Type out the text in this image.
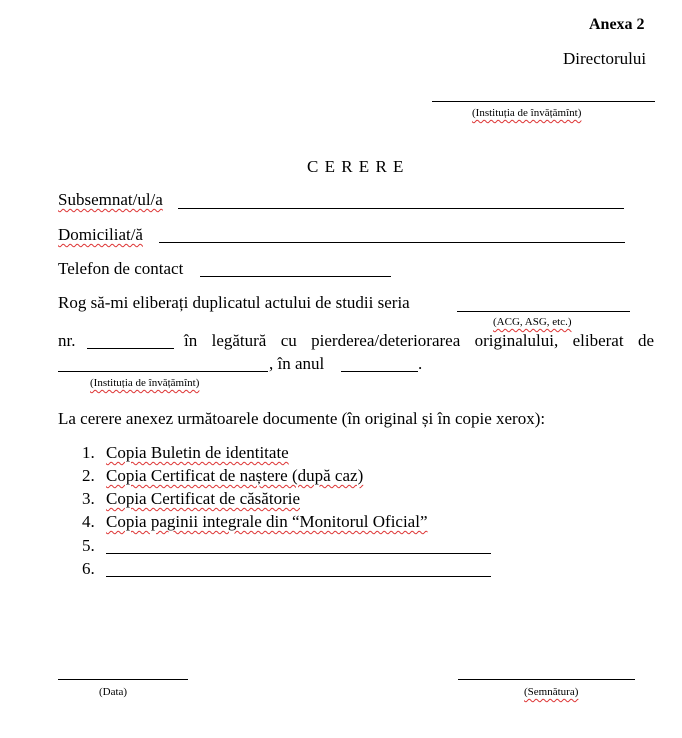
Anexa 2
Directorului
(Instituția de învățămînt)
C E R E R E
Subsemnat/ul/a
Domiciliat/ă
Telefon de contact
Rog să-mi eliberați duplicatul actului de studii seria
(ACG, ASG, etc.)
nr.	în legătură cu pierderea/deteriorarea originalului, eliberat de
, în anul	.
(Instituția de învățămînt)
La cerere anexez următoarele documente (în original și în copie xerox):
1. Copia Buletin de identitate
2. Copia Certificat de naștere (după caz)
3. Copia Certificat de căsătorie
4. Copia paginii integrale din “Monitorul Oficial”
5.
6.
(Data)	(Semnătura)
